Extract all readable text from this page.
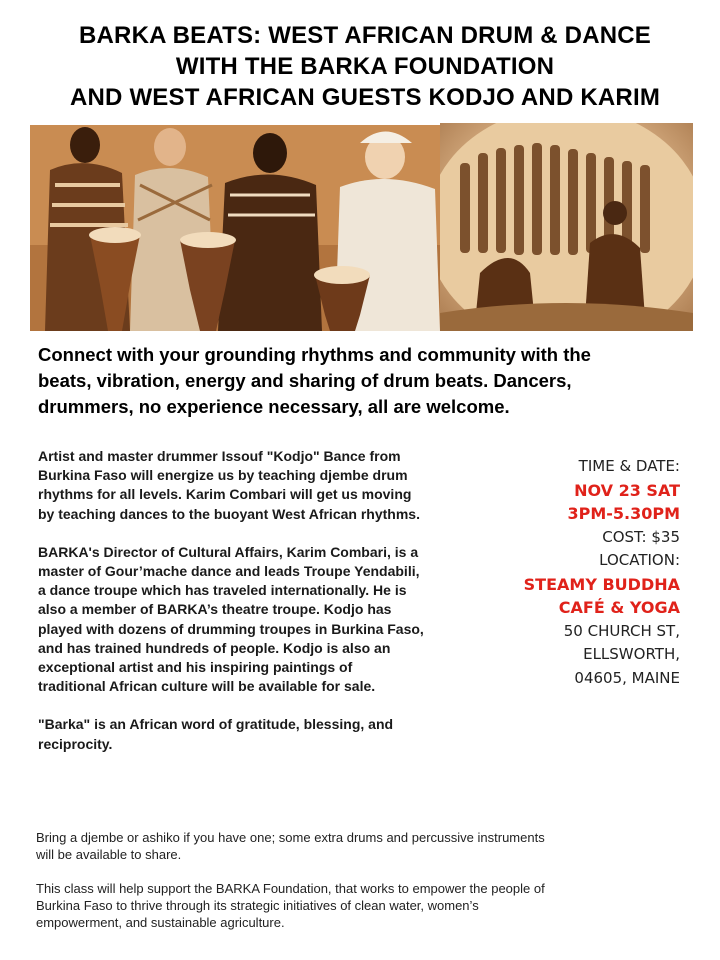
BARKA BEATS: WEST AFRICAN DRUM & DANCE
WITH THE BARKA FOUNDATION
AND WEST AFRICAN GUESTS KODJO AND KARIM
Connect with your grounding rhythms and community with the
beats, vibration, energy and sharing of drum beats. Dancers,
drummers, no experience necessary, all are welcome.
Artist and master drummer Issouf "Kodjo" Bance from
Burkina Faso will energize us by teaching djembe drum
rhythms for all levels. Karim Combari will get us moving
by teaching dances to the buoyant West African rhythms.
BARKA's Director of Cultural Affairs, Karim Combari, is a
master of Gour’mache dance and leads Troupe Yendabili,
a dance troupe which has traveled internationally. He is
also a member of BARKA’s theatre troupe. Kodjo has
played with dozens of drumming troupes in Burkina Faso,
and has trained hundreds of people. Kodjo is also an
exceptional artist and his inspiring paintings of
traditional African culture will be available for sale.
"Barka" is an African word of gratitude, blessing, and
reciprocity.
TIME & DATE:
NOV 23 SAT
3PM-5.30PM
COST: $35
LOCATION:
STEAMY BUDDHA
CAFÉ & YOGA
50 CHURCH ST,
ELLSWORTH,
04605, MAINE
Bring a djembe or ashiko if you have one; some extra drums and percussive instruments
will be available to share.
This class will help support the BARKA Foundation, that works to empower the people of
Burkina Faso to thrive through its strategic initiatives of clean water, women’s
empowerment, and sustainable agriculture.
